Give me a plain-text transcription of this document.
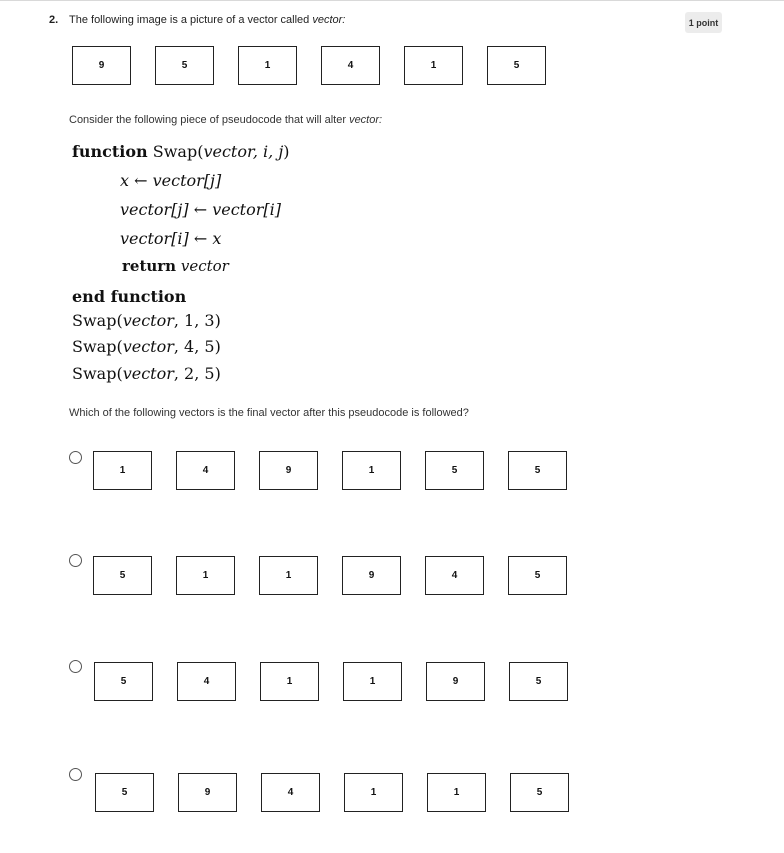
2. The following image is a picture of a vector called vector:	1 point
9	5	1	4	1	5
Consider the following piece of pseudocode that will alter vector:
function Swap(vector, i, j)
x ← vector[j]
vector[j] ← vector[i]
vector[i] ← x
return vector
end function
Swap(vector, 1, 3)
Swap(vector, 4, 5)
Swap(vector, 2, 5)
Which of the following vectors is the final vector after this pseudocode is followed?
1	4	9	1	5	5
5	1	1	9	4	5
5	4	1	1	9	5
5	9	4	1	1	5
